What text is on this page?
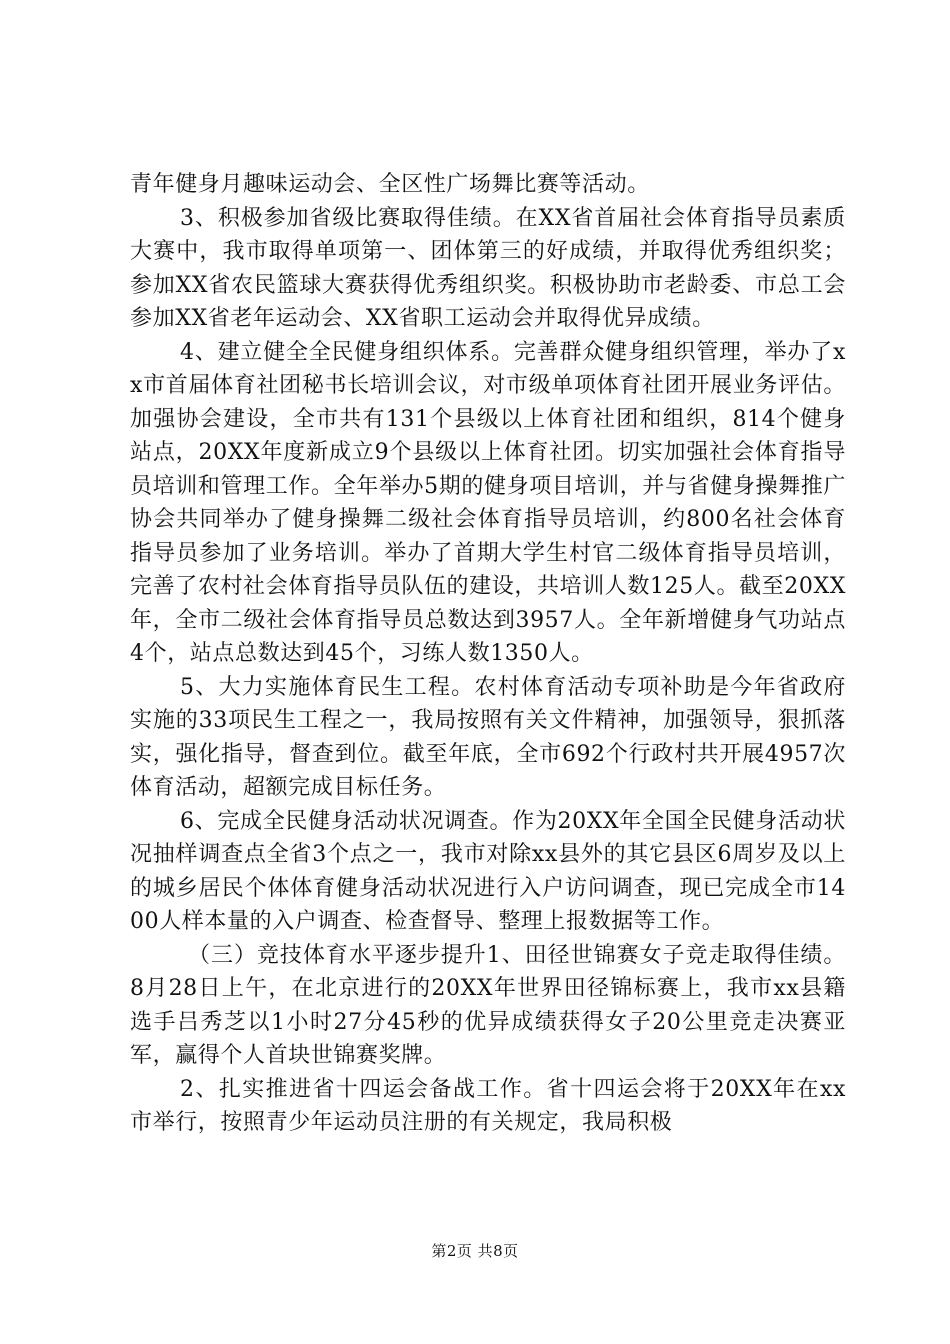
青年健身月趣味运动会、全区性广场舞比赛等活动。

3、积极参加省级比赛取得佳绩。在XX省首届社会体育指导员素质大赛中，我市取得单项第一、团体第三的好成绩，并取得优秀组织奖；参加XX省农民篮球大赛获得优秀组织奖。积极协助市老龄委、市总工会参加XX省老年运动会、XX省职工运动会并取得优异成绩。

4、建立健全全民健身组织体系。完善群众健身组织管理，举办了xx市首届体育社团秘书长培训会议，对市级单项体育社团开展业务评估。加强协会建设，全市共有131个县级以上体育社团和组织，814个健身站点，20XX年度新成立9个县级以上体育社团。切实加强社会体育指导员培训和管理工作。全年举办5期的健身项目培训，并与省健身操舞推广协会共同举办了健身操舞二级社会体育指导员培训，约800名社会体育指导员参加了业务培训。举办了首期大学生村官二级体育指导员培训，完善了农村社会体育指导员队伍的建设，共培训人数125人。截至20XX年，全市二级社会体育指导员总数达到3957人。全年新增健身气功站点4个，站点总数达到45个，习练人数1350人。

5、大力实施体育民生工程。农村体育活动专项补助是今年省政府实施的33项民生工程之一，我局按照有关文件精神，加强领导，狠抓落实，强化指导，督查到位。截至年底，全市692个行政村共开展4957次体育活动，超额完成目标任务。

6、完成全民健身活动状况调查。作为20XX年全国全民健身活动状况抽样调查点全省3个点之一，我市对除xx县外的其它县区6周岁及以上的城乡居民个体体育健身活动状况进行入户访问调查，现已完成全市1400人样本量的入户调查、检查督导、整理上报数据等工作。

（三）竞技体育水平逐步提升1、田径世锦赛女子竞走取得佳绩。8月28日上午，在北京进行的20XX年世界田径锦标赛上，我市xx县籍选手吕秀芝以1小时27分45秒的优异成绩获得女子20公里竞走决赛亚军，赢得个人首块世锦赛奖牌。

2、扎实推进省十四运会备战工作。省十四运会将于20XX年在xx市举行，按照青少年运动员注册的有关规定，我局积极

第2页 共8页
